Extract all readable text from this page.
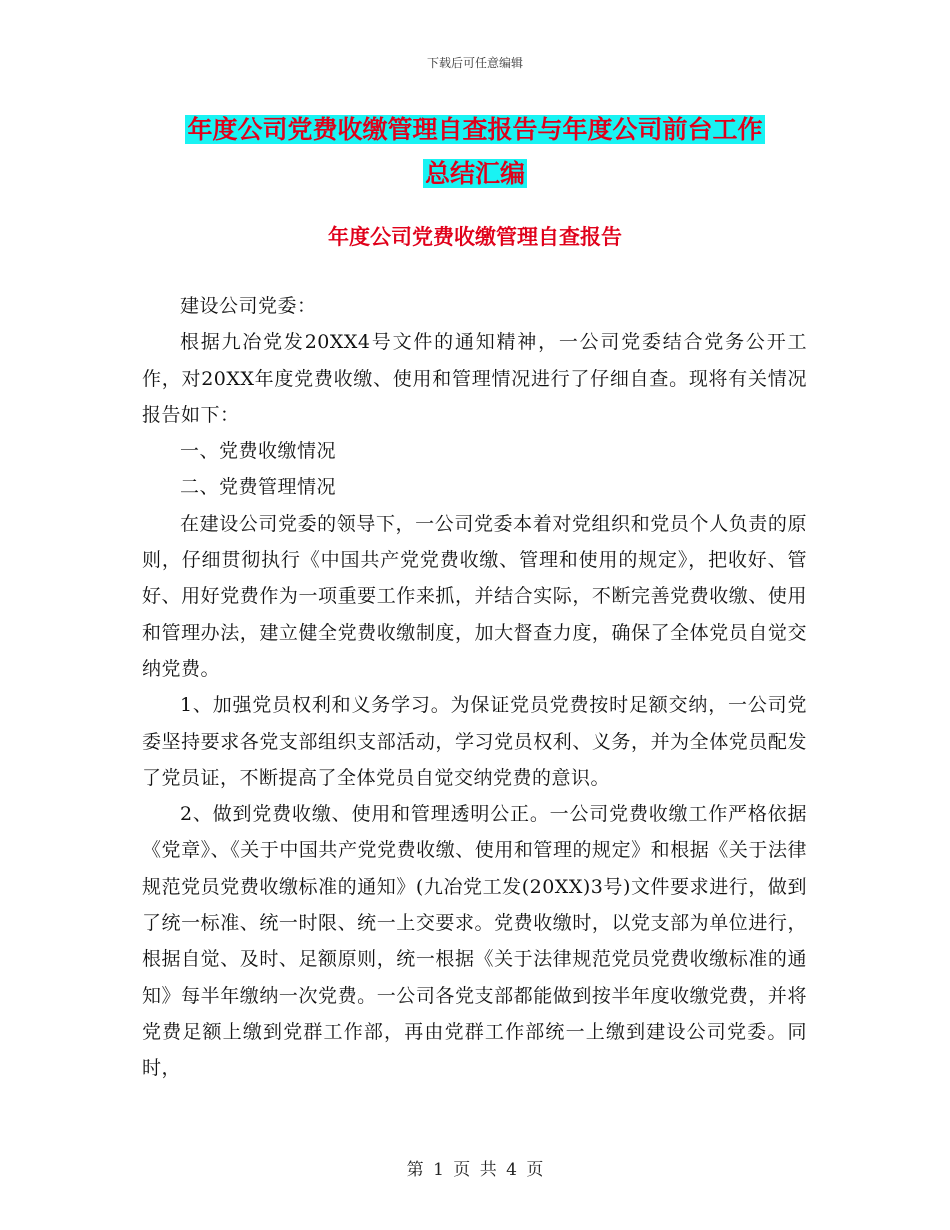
下载后可任意编辑
年度公司党费收缴管理自查报告与年度公司前台工作
总结汇编
年度公司党费收缴管理自查报告

建设公司党委：

根据九冶党发20XX4号文件的通知精神，一公司党委结合党务公开工作，对20XX年度党费收缴、使用和管理情况进行了仔细自查。现将有关情况报告如下：

一、党费收缴情况

二、党费管理情况

在建设公司党委的领导下，一公司党委本着对党组织和党员个人负责的原则，仔细贯彻执行《中国共产党党费收缴、管理和使用的规定》，把收好、管好、用好党费作为一项重要工作来抓，并结合实际，不断完善党费收缴、使用和管理办法，建立健全党费收缴制度，加大督查力度，确保了全体党员自觉交纳党费。

1、加强党员权利和义务学习。为保证党员党费按时足额交纳，一公司党委坚持要求各党支部组织支部活动，学习党员权利、义务，并为全体党员配发了党员证，不断提高了全体党员自觉交纳党费的意识。

2、做到党费收缴、使用和管理透明公正。一公司党费收缴工作严格依据《党章》、《关于中国共产党党费收缴、使用和管理的规定》和根据《关于法律规范党员党费收缴标准的通知》(九冶党工发(20XX)3号)文件要求进行，做到了统一标准、统一时限、统一上交要求。党费收缴时，以党支部为单位进行，根据自觉、及时、足额原则，统一根据《关于法律规范党员党费收缴标准的通知》每半年缴纳一次党费。一公司各党支部都能做到按半年度收缴党费，并将党费足额上缴到党群工作部，再由党群工作部统一上缴到建设公司党委。同时，

第 1 页 共 4 页
